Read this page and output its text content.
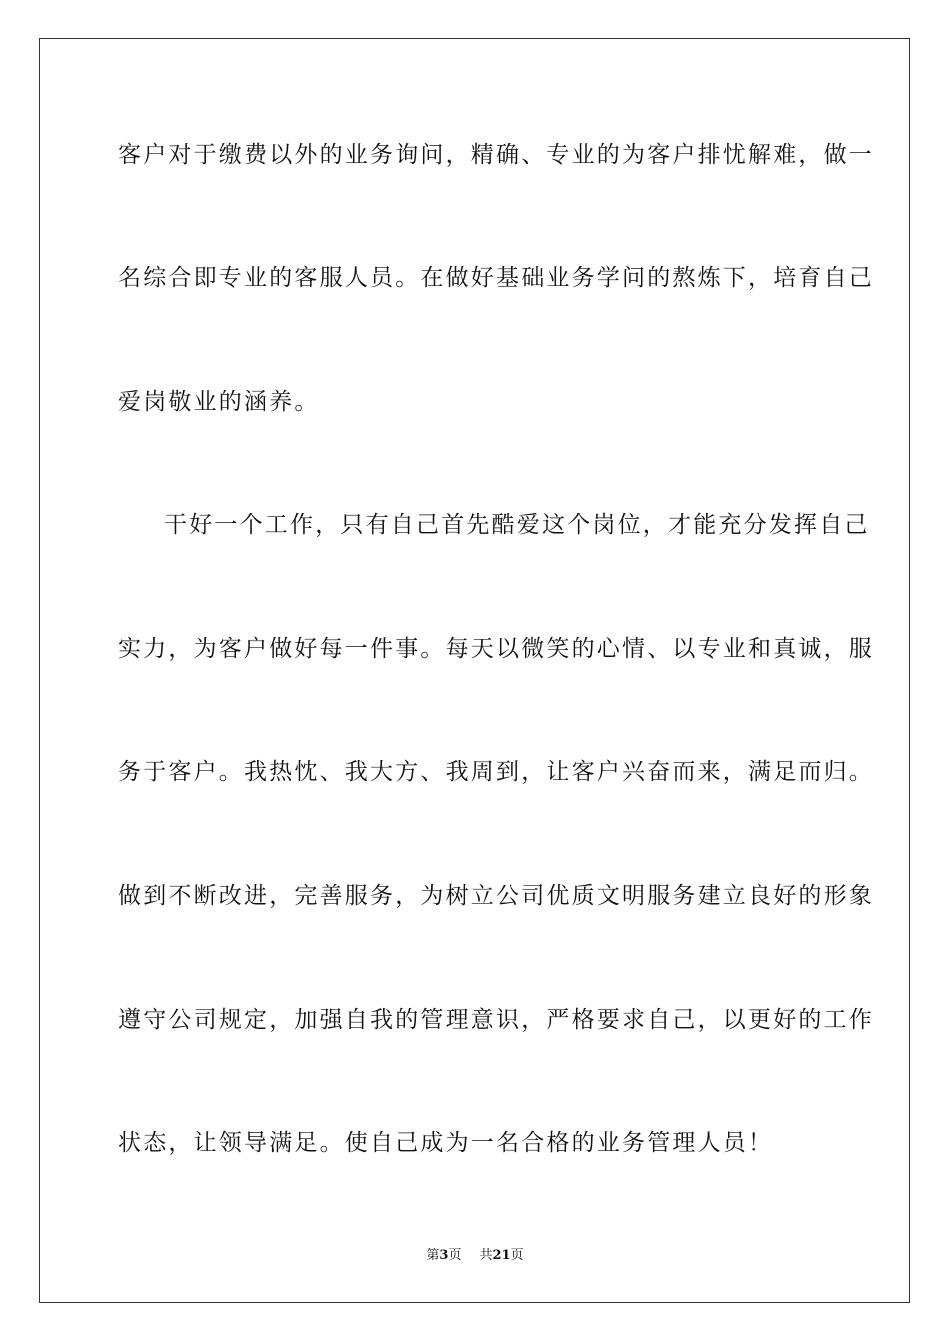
客户对于缴费以外的业务询问，精确、专业的为客户排忧解难，做一
名综合即专业的客服人员。在做好基础业务学问的熬炼下，培育自己
爱岗敬业的涵养。
干好一个工作，只有自己首先酷爱这个岗位，才能充分发挥自己
实力，为客户做好每一件事。每天以微笑的心情、以专业和真诚，服
务于客户。我热忱、我大方、我周到，让客户兴奋而来，满足而归。
做到不断改进，完善服务，为树立公司优质文明服务建立良好的形象
遵守公司规定，加强自我的管理意识，严格要求自己，以更好的工作
状态，让领导满足。使自己成为一名合格的业务管理人员！
第3页 共21页
